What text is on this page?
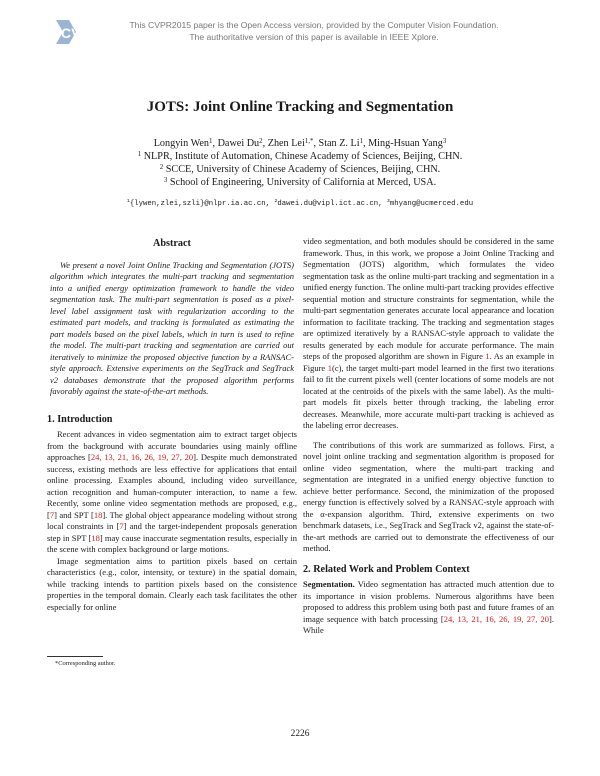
CVF	This CVPR2015 paper is the Open Access version, provided by the Computer Vision Foundation.
The authoritative version of this paper is available in IEEE Xplore.
JOTS: Joint Online Tracking and Segmentation
Longyin Wen$^1$, Dawei Du$^2$, Zhen Lei$^{1,*}$, Stan Z. Li$^1$, Ming-Hsuan Yang$^3$
$^1$ NLPR, Institute of Automation, Chinese Academy of Sciences, Beijing, CHN.
$^2$ SCCE, University of Chinese Academy of Sciences, Beijing, CHN.
$^3$ School of Engineering, University of California at Merced, USA.
$^1${lywen,zlei,szli}@nlpr.ia.ac.cn, $^2$dawei.du@vipl.ict.ac.cn, $^3$mhyang@ucmerced.edu
Abstract

We present a novel Joint Online Tracking and Segmentation (JOTS) algorithm which integrates the multi-part tracking and segmentation into a unified energy optimization framework to handle the video segmentation task. The multi-part segmentation is posed as a pixel-level label assignment task with regularization according to the estimated part models, and tracking is formulated as estimating the part models based on the pixel labels, which in turn is used to refine the model. The multi-part tracking and segmentation are carried out iteratively to minimize the proposed objective function by a RANSAC-style approach. Extensive experiments on the SegTrack and SegTrack v2 databases demonstrate that the proposed algorithm performs favorably against the state-of-the-art methods.

1. Introduction

Recent advances in video segmentation aim to extract target objects from the background with accurate boundaries using mainly offline approaches [24, 13, 21, 16, 26, 19, 27, 20]. Despite much demonstrated success, existing methods are less effective for applications that entail online processing. Examples abound, including video surveillance, action recognition and human-computer interaction, to name a few. Recently, some online video segmentation methods are proposed, e.g., [7] and SPT [18]. The global object appearance modeling without strong local constraints in [7] and the target-independent proposals generation step in SPT [18] may cause inaccurate segmentation results, especially in the scene with complex background or large motions.

Image segmentation aims to partition pixels based on certain characteristics (e.g., color, intensity, or texture) in the spatial domain, while tracking intends to partition pixels based on the consistence properties in the temporal domain. Clearly each task facilitates the other especially for online

video segmentation, and both modules should be considered in the same framework. Thus, in this work, we propose a Joint Online Tracking and Segmentation (JOTS) algorithm, which formulates the video segmentation task as the online multi-part tracking and segmentation in a unified energy function. The online multi-part tracking provides effective sequential motion and structure constraints for segmentation, while the multi-part segmentation generates accurate local appearance and location information to facilitate tracking. The tracking and segmentation stages are optimized iteratively by a RANSAC-style approach to validate the results generated by each module for accurate performance. The main steps of the proposed algorithm are shown in Figure 1. As an example in Figure 1(c), the target multi-part model learned in the first two iterations fail to fit the current pixels well (center locations of some models are not located at the centroids of the pixels with the same label). As the multi-part models fit pixels better through tracking, the labeling error decreases. Meanwhile, more accurate multi-part tracking is achieved as the labeling error decreases.

The contributions of this work are summarized as follows. First, a novel joint online tracking and segmentation algorithm is proposed for online video segmentation, where the multi-part tracking and segmentation are integrated in a unified energy objective function to achieve better performance. Second, the minimization of the proposed energy function is effectively solved by a RANSAC-style approach with the α-expansion algorithm. Third, extensive experiments on two benchmark datasets, i.e., SegTrack and SegTrack v2, against the state-of-the-art methods are carried out to demonstrate the effectiveness of our method.

2. Related Work and Problem Context

Segmentation. Video segmentation has attracted much attention due to its importance in vision problems. Numerous algorithms have been proposed to address this problem using both past and future frames of an image sequence with batch processing [24, 13, 21, 16, 26, 19, 27, 20]. While

*Corresponding author.
2226
